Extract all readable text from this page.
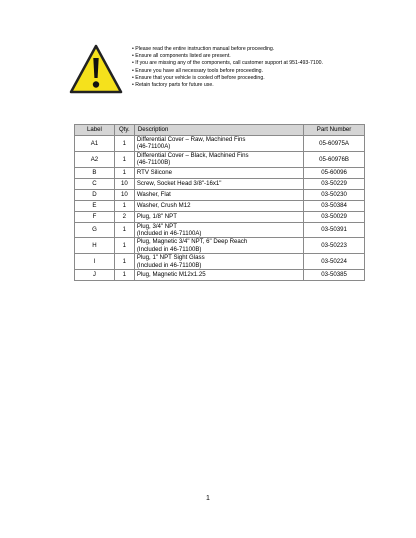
• Please read the entire instruction manual before proceeding.
• Ensure all components listed are present.
• If you are missing any of the components, call customer support at 951-493-7100.
• Ensure you have all necessary tools before proceeding.
• Ensure that your vehicle is cooled off before proceeding.
• Retain factory parts for future use.
Label	Qty.	Description	Part Number
A1	1	Differential Cover – Raw, Machined Fins
(46-71100A)	05-60975A
A2	1	Differential Cover – Black, Machined Fins
(46-71100B)	05-60976B
B	1	RTV Silicone	05-60096
C	10	Screw, Socket Head 3/8"-16x1"	03-50229
D	10	Washer, Flat	03-50230
E	1	Washer, Crush M12	03-50384
F	2	Plug, 1/8" NPT	03-50029
G	1	Plug, 3/4" NPT
(Included in 46-71100A)	03-50391
H	1	Plug, Magnetic 3/4" NPT, 6" Deep Reach
(Included in 46-71100B)	03-50223
I	1	Plug, 1" NPT Sight Glass
(Included in 46-71100B)	03-50224
J	1	Plug, Magnetic M12x1.25	03-50385
1
